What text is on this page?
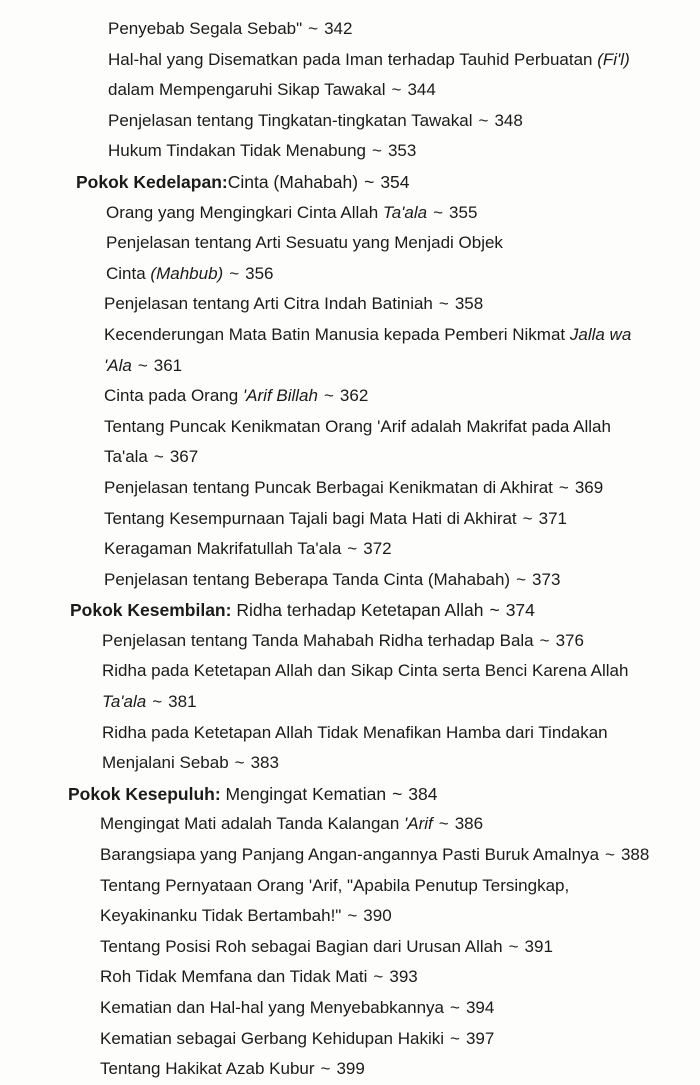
Penyebab Segala Sebab" ~ 342
Hal-hal yang Disematkan pada Iman terhadap Tauhid Perbuatan (Fi'l)
dalam Mempengaruhi Sikap Tawakal ~ 344
Penjelasan tentang Tingkatan-tingkatan Tawakal ~ 348
Hukum Tindakan Tidak Menabung ~ 353
Pokok Kedelapan:Cinta (Mahabah) ~ 354
Orang yang Mengingkari Cinta Allah Ta'ala ~ 355
Penjelasan tentang Arti Sesuatu yang Menjadi Objek
Cinta (Mahbub) ~ 356
Penjelasan tentang Arti Citra Indah Batiniah ~ 358
Kecenderungan Mata Batin Manusia kepada Pemberi Nikmat Jalla wa
'Ala ~ 361
Cinta pada Orang 'Arif Billah ~ 362
Tentang Puncak Kenikmatan Orang 'Arif adalah Makrifat pada Allah
Ta'ala ~ 367
Penjelasan tentang Puncak Berbagai Kenikmatan di Akhirat ~ 369
Tentang Kesempurnaan Tajali bagi Mata Hati di Akhirat ~ 371
Keragaman Makrifatullah Ta'ala ~ 372
Penjelasan tentang Beberapa Tanda Cinta (Mahabah) ~ 373
Pokok Kesembilan: Ridha terhadap Ketetapan Allah ~ 374
Penjelasan tentang Tanda Mahabah Ridha terhadap Bala ~ 376
Ridha pada Ketetapan Allah dan Sikap Cinta serta Benci Karena Allah
Ta'ala ~ 381
Ridha pada Ketetapan Allah Tidak Menafikan Hamba dari Tindakan
Menjalani Sebab ~ 383
Pokok Kesepuluh: Mengingat Kematian ~ 384
Mengingat Mati adalah Tanda Kalangan 'Arif ~ 386
Barangsiapa yang Panjang Angan-angannya Pasti Buruk Amalnya ~ 388
Tentang Pernyataan Orang 'Arif, "Apabila Penutup Tersingkap,
Keyakinanku Tidak Bertambah!" ~ 390
Tentang Posisi Roh sebagai Bagian dari Urusan Allah ~ 391
Roh Tidak Memfana dan Tidak Mati ~ 393
Kematian dan Hal-hal yang Menyebabkannya ~ 394
Kematian sebagai Gerbang Kehidupan Hakiki ~ 397
Tentang Hakikat Azab Kubur ~ 399
